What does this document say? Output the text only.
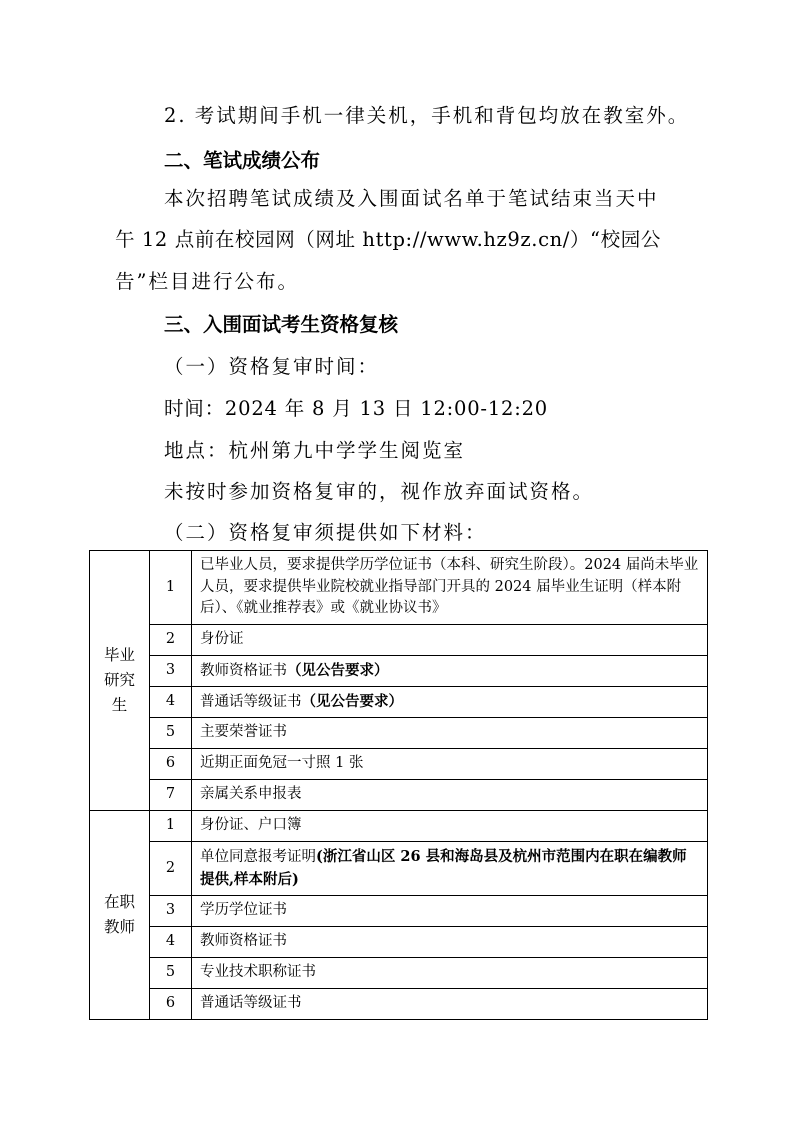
2. 考试期间手机一律关机，手机和背包均放在教室外。
二、笔试成绩公布
本次招聘笔试成绩及入围面试名单于笔试结束当天中
午 12 点前在校园网（网址 http://www.hz9z.cn/）“校园公
告”栏目进行公布。
三、入围面试考生资格复核
（一）资格复审时间：
时间：2024 年 8 月 13 日 12:00-12:20
地点：杭州第九中学学生阅览室
未按时参加资格复审的，视作放弃面试资格。
（二）资格复审须提供如下材料：
毕业
研究
生	1	已毕业人员，要求提供学历学位证书（本科、研究生阶段）。2024 届尚未毕业人员，要求提供毕业院校就业指导部门开具的 2024 届毕业生证明（样本附后）、《就业推荐表》或《就业协议书》
	2	身份证
	3	教师资格证书（见公告要求）
	4	普通话等级证书（见公告要求）
	5	主要荣誉证书
	6	近期正面免冠一寸照 1 张
	7	亲属关系申报表
在职
教师	1	身份证、户口簿
	2	单位同意报考证明(浙江省山区 26 县和海岛县及杭州市范围内在职在编教师提供,样本附后)
	3	学历学位证书
	4	教师资格证书
	5	专业技术职称证书
	6	普通话等级证书
